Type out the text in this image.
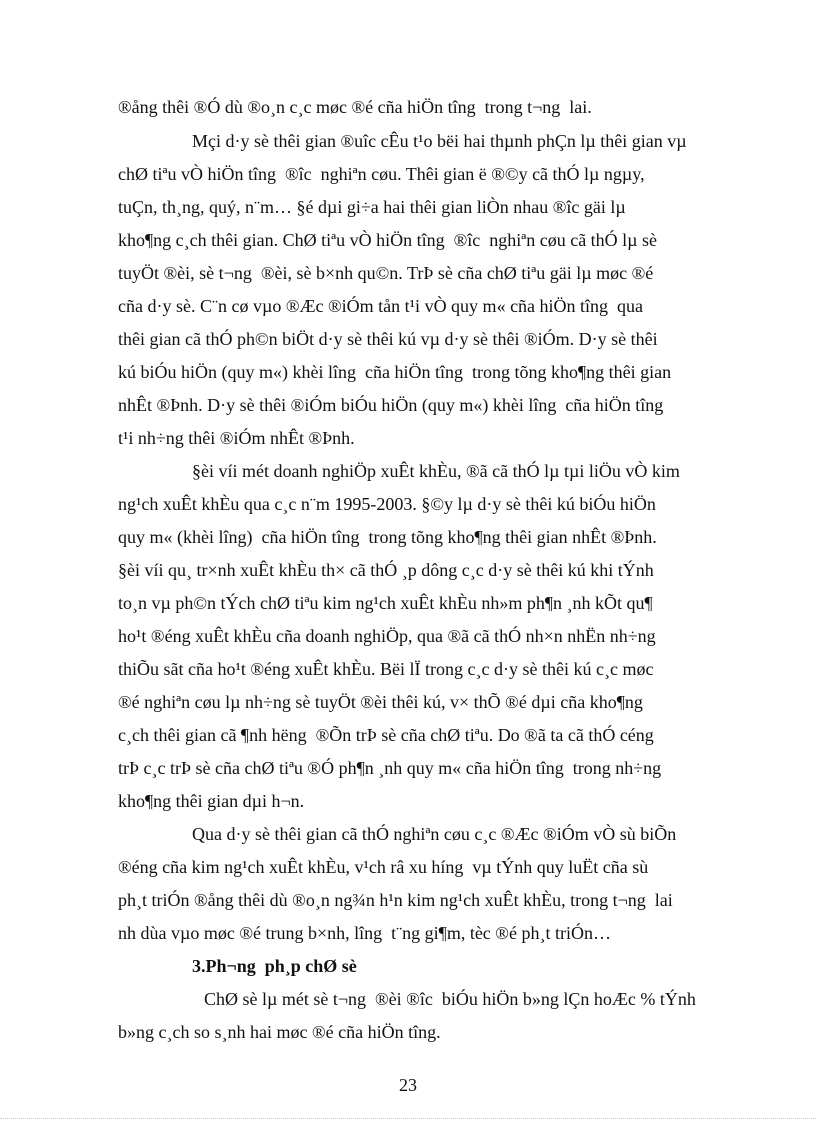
®ång thêi ®Ó dù ®o¸n c¸c møc ®é cña hiÖn tîng  trong t¬ng  lai.
Mçi d·y sè thêi gian ®uîc cÊu t¹o bëi hai thµnh phÇn lµ thêi gian vµ
chØ tiªu vÒ hiÖn tîng  ®îc  nghiªn cøu. Thêi gian ë ®©y cã thÓ lµ ngµy,
tuÇn, th¸ng, quý, n¨m… §é dµi gi÷a hai thêi gian liÒn nhau ®îc gäi lµ
kho¶ng c¸ch thêi gian. ChØ tiªu vÒ hiÖn tîng  ®îc  nghiªn cøu cã thÓ lµ sè
tuyÖt ®èi, sè t¬ng  ®èi, sè b×nh qu©n. TrÞ sè cña chØ tiªu gäi lµ møc ®é
cña d·y sè. C¨n cø vµo ®Æc ®iÓm tån t¹i vÒ quy m« cña hiÖn tîng  qua
thêi gian cã thÓ ph©n biÖt d·y sè thêi kú vµ d·y sè thêi ®iÓm. D·y sè thêi
kú biÓu hiÖn (quy m«) khèi lîng  cña hiÖn tîng  trong tõng kho¶ng thêi gian
nhÊt ®Þnh. D·y sè thêi ®iÓm biÓu hiÖn (quy m«) khèi lîng  cña hiÖn tîng
t¹i nh÷ng thêi ®iÓm nhÊt ®Þnh.
§èi víi mét doanh nghiÖp xuÊt khÈu, ®ã cã thÓ lµ tµi liÖu vÒ kim
ng¹ch xuÊt khÈu qua c¸c n¨m 1995-2003. §©y lµ d·y sè thêi kú biÓu hiÖn
quy m« (khèi lîng)  cña hiÖn tîng  trong tõng kho¶ng thêi gian nhÊt ®Þnh.
§èi víi qu¸ tr×nh xuÊt khÈu th× cã thÓ ¸p dông c¸c d·y sè thêi kú khi tÝnh
to¸n vµ ph©n tÝch chØ tiªu kim ng¹ch xuÊt khÈu nh»m ph¶n ¸nh kÕt qu¶
ho¹t ®éng xuÊt khÈu cña doanh nghiÖp, qua ®ã cã thÓ nh×n nhËn nh÷ng
thiÕu sãt cña ho¹t ®éng xuÊt khÈu. Bëi lÏ trong c¸c d·y sè thêi kú c¸c møc
®é nghiªn cøu lµ nh÷ng sè tuyÖt ®èi thêi kú, v× thÕ ®é dµi cña kho¶ng
c¸ch thêi gian cã ¶nh hëng  ®Õn trÞ sè cña chØ tiªu. Do ®ã ta cã thÓ céng
trÞ c¸c trÞ sè cña chØ tiªu ®Ó ph¶n ¸nh quy m« cña hiÖn tîng  trong nh÷ng
kho¶ng thêi gian dµi h¬n.
Qua d·y sè thêi gian cã thÓ nghiªn cøu c¸c ®Æc ®iÓm vÒ sù biÕn
®éng cña kim ng¹ch xuÊt khÈu, v¹ch râ xu híng  vµ tÝnh quy luËt cña sù
ph¸t triÓn ®ång thêi dù ®o¸n ng¾n h¹n kim ng¹ch xuÊt khÈu, trong t¬ng  lai
nh dùa vµo møc ®é trung b×nh, lîng  t¨ng gi¶m, tèc ®é ph¸t triÓn…
3.Ph¬ng  ph¸p chØ sè
ChØ sè lµ mét sè t¬ng  ®èi ®îc  biÓu hiÖn b»ng lÇn hoÆc % tÝnh
b»ng c¸ch so s¸nh hai møc ®é cña hiÖn tîng.
23
